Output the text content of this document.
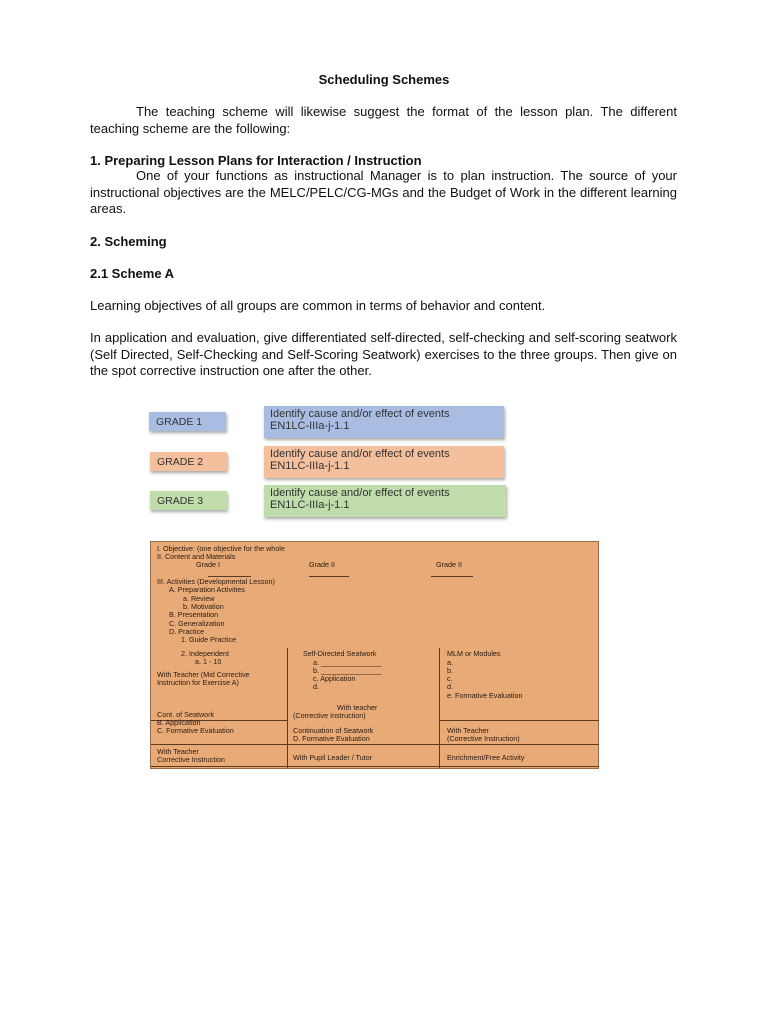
Scheduling Schemes

The teaching scheme will likewise suggest the format of the lesson plan. The different teaching scheme are the following:

1. Preparing Lesson Plans for Interaction / Instruction

One of your functions as instructional Manager is to plan instruction. The source of your instructional objectives are the MELC/PELC/CG-MGs and the Budget of Work in the different learning areas.

2. Scheming
2.1 Scheme A

Learning objectives of all groups are common in terms of behavior and content.

In application and evaluation, give differentiated self-directed, self-checking and self-scoring seatwork (Self Directed, Self-Checking and Self-Scoring Seatwork) exercises to the three groups. Then give on the spot corrective instruction one after the other.

GRADE 1
Identify cause and/or effect of events
EN1LC-IIIa-j-1.1
GRADE 2
Identify cause and/or effect of events
EN1LC-IIIa-j-1.1
GRADE 3
Identify cause and/or effect of events
EN1LC-IIIa-j-1.1
I. Objective: (one objective for the whole
II. Content and Materials
Grade I	Grade II	Grade II
III. Activities (Developmental Lesson)
A. Preparation Activities
a. Review
b. Motivation
B. Presentation
C. Generalization
D. Practice
1. Guide Practice
2. Independent
a. 1 - 10
With Teacher (Mid Corrective
Instruction for Exercise A)
Cont. of Seatwork
B. Application
C. Formative Evaluation
With Teacher
Corrective Instruction
Self-Directed Seatwork
a. _______________
b. _______________
c. Application
d.
With teacher
(Corrective Instruction)
Continuation of Seatwork
D. Formative Evaluation
With Pupil Leader / Tutor
MLM or Modules
a.
b.
c.
d.
e. Formative Evaluation
With Teacher
(Corrective Instruction)
Enrichment/Free Activity
